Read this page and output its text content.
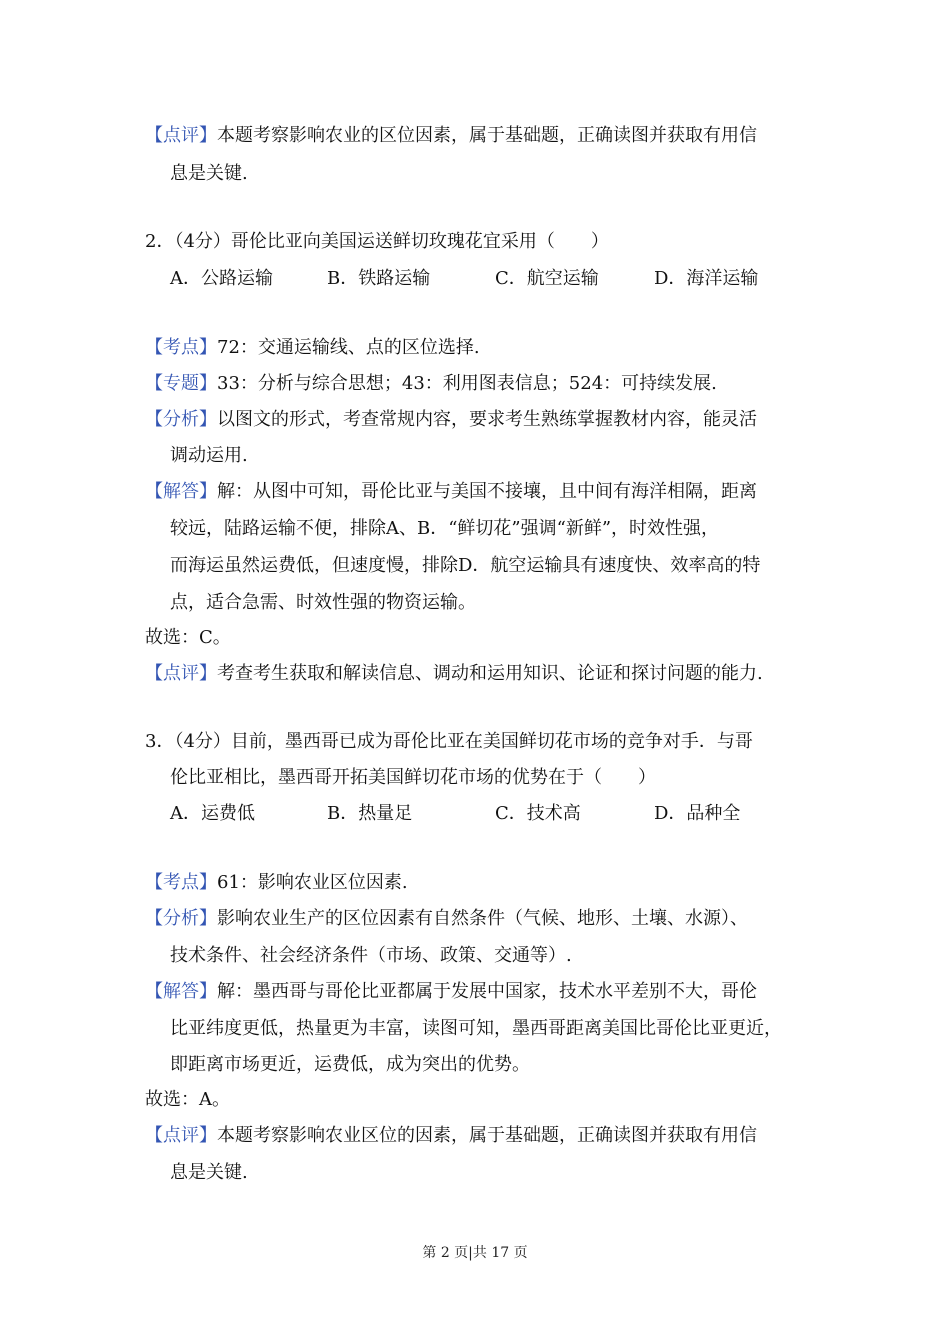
【点评】本题考察影响农业的区位因素，属于基础题，正确读图并获取有用信
息是关键.
2．（4分）哥伦比亚向美国运送鲜切玫瑰花宜采用（　　）
A．公路运输	B．铁路运输	C．航空运输	D．海洋运输
【考点】72：交通运输线、点的区位选择.
【专题】33：分析与综合思想；43：利用图表信息；524：可持续发展.
【分析】以图文的形式，考查常规内容，要求考生熟练掌握教材内容，能灵活
调动运用.
【解答】解：从图中可知，哥伦比亚与美国不接壤，且中间有海洋相隔，距离
较远，陆路运输不便，排除A、B．“鲜切花”强调“新鲜”，时效性强，
而海运虽然运费低，但速度慢，排除D．航空运输具有速度快、效率高的特
点，适合急需、时效性强的物资运输。
故选：C。
【点评】考查考生获取和解读信息、调动和运用知识、论证和探讨问题的能力.
3．（4分）目前，墨西哥已成为哥伦比亚在美国鲜切花市场的竞争对手．与哥
伦比亚相比，墨西哥开拓美国鲜切花市场的优势在于（　　）
A．运费低	B．热量足	C．技术高	D．品种全
【考点】61：影响农业区位因素.
【分析】影响农业生产的区位因素有自然条件（气候、地形、土壤、水源）、
技术条件、社会经济条件（市场、政策、交通等）.
【解答】解：墨西哥与哥伦比亚都属于发展中国家，技术水平差别不大，哥伦
比亚纬度更低，热量更为丰富，读图可知，墨西哥距离美国比哥伦比亚更近，
即距离市场更近，运费低，成为突出的优势。
故选：A。
【点评】本题考察影响农业区位的因素，属于基础题，正确读图并获取有用信
息是关键.
第 2 页|共 17 页
